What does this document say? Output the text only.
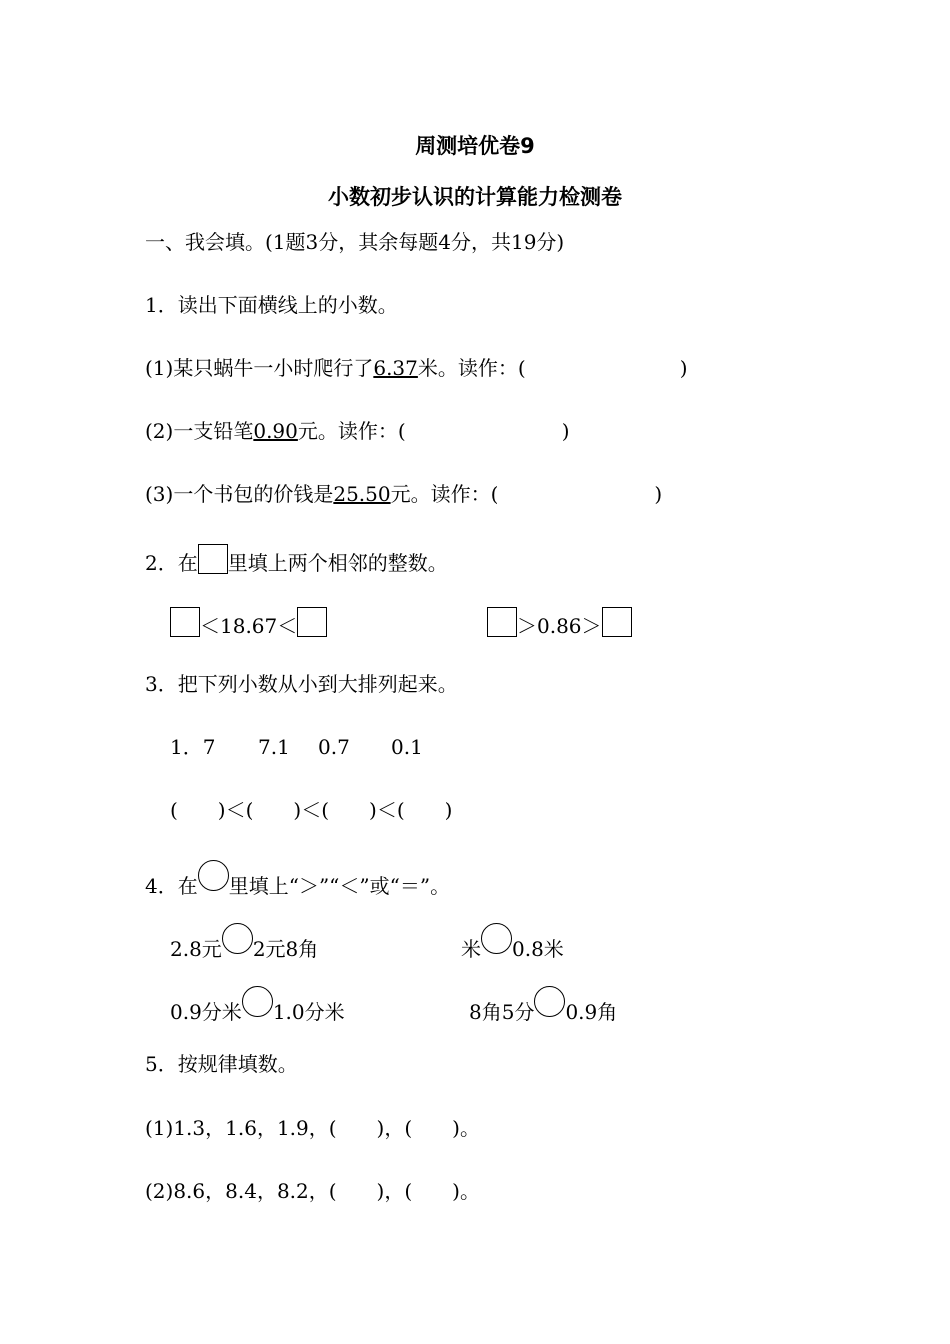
周测培优卷9
小数初步认识的计算能力检测卷
一、我会填。(1题3分，其余每题4分，共19分)
1．读出下面横线上的小数。
(1)某只蜗牛一小时爬行了6.37米。读作：(	)
(2)一支铅笔0.90元。读作：(	)
(3)一个书包的价钱是25.50元。读作：(	)
2．在 里填上两个相邻的整数。
＜18.67＜	＞0.86＞
3．把下列小数从小到大排列起来。
1．7 7.1 0.7 0.1
(　　)＜(　　)＜(　　)＜(　　)
4．在 里填上“＞”“＜”或“＝”。
2.8元 2元8角	米 0.8米
0.9分米 1.0分米	8角5分 0.9角
5．按规律填数。
(1)1.3，1.6，1.9，(　　)，(　　)。
(2)8.6，8.4，8.2，(　　)，(　　)。
